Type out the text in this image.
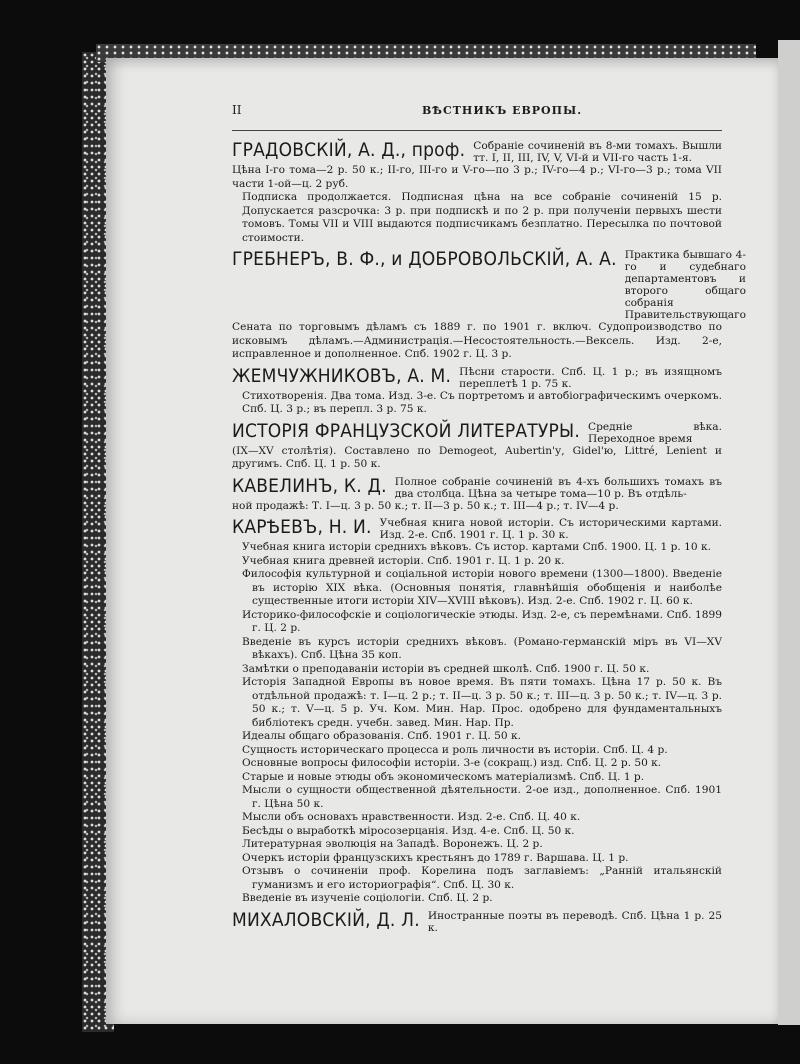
II	ВѢСТНИКЪ ЕВРОПЫ.
ГРАДОВСКІЙ, А. Д., проф. Собраніе сочиненій въ 8-ми томахъ. Вышли тт. I, II, III, IV, V, VI-й и VII-го часть 1-я.
Цѣна I-го тома—2 р. 50 к.; II-го, III-го и V-го—по 3 р.; IV-го—4 р.; VI-го—3 р.; тома VII части 1-ой—ц. 2 руб.
Подписка продолжается. Подписная цѣна на все собраніе сочиненій 15 р. Допускается разсрочка: 3 р. при подпискѣ и по 2 р. при полученіи первыхъ шести томовъ. Томы VII и VIII выдаются подписчикамъ безплатно. Пересылка по почтовой стоимости.
ГРЕБНЕРЪ, В. Ф., и ДОБРОВОЛЬСКІЙ, А. А. Практика бывшаго 4-го и судебнаго департаментовъ и второго общаго собранія Правительствующаго
Сената по торговымъ дѣламъ съ 1889 г. по 1901 г. включ. Судопроизводство по исковымъ дѣламъ.—Администрація.—Несостоятельность.—Вексель. Изд. 2-е, исправленное и дополненное. Спб. 1902 г. Ц. 3 р.
ЖЕМЧУЖНИКОВЪ, А. М. Пѣсни старости. Спб. Ц. 1 р.; въ изящномъ переплетѣ 1 р. 75 к.
Стихотворенія. Два тома. Изд. 3-е. Съ портретомъ и автобіографическимъ очеркомъ. Спб. Ц. 3 р.; въ перепл. 3 р. 75 к.
ИСТОРІЯ ФРАНЦУЗСКОЙ ЛИТЕРАТУРЫ. Средніе вѣка. Переходное время
(IX—XV столѣтія). Составлено по Demogeot, Aubertin'у, Gidel'ю, Littré, Lenient и другимъ. Спб. Ц. 1 р. 50 к.
КАВЕЛИНЪ, К. Д. Полное собраніе сочиненій въ 4-хъ большихъ томахъ въ два столбца. Цѣна за четыре тома—10 р. Въ отдѣль-
ной продажѣ: Т. I—ц. 3 р. 50 к.; т. II—3 р. 50 к.; т. III—4 р.; т. IV—4 р.
КАРѢЕВЪ, Н. И. Учебная книга новой исторіи. Съ историческими картами. Изд. 2-е. Спб. 1901 г. Ц. 1 р. 30 к.
Учебная книга исторіи среднихъ вѣковъ. Съ истор. картами Спб. 1900. Ц. 1 р. 10 к.
Учебная книга древней исторіи. Спб. 1901 г. Ц. 1 р. 20 к.
Философія культурной и соціальной исторіи нового времени (1300—1800). Введеніе въ исторію XIX вѣка. (Основныя понятія, главнѣйшія обобщенія и наиболѣе существенные итоги исторіи XIV—XVIII вѣковъ). Изд. 2-е. Спб. 1902 г. Ц. 60 к.
Историко-философскіе и соціологическіе этюды. Изд. 2-е, съ перемѣнами. Спб. 1899 г. Ц. 2 р.
Введеніе въ курсъ исторіи среднихъ вѣковъ. (Романо-германскій міръ въ VI—XV вѣкахъ). Спб. Цѣна 35 коп.
Замѣтки о преподаваніи исторіи въ средней школѣ. Спб. 1900 г. Ц. 50 к.
Исторія Западной Европы въ новое время. Въ пяти томахъ. Цѣна 17 р. 50 к. Въ отдѣльной продажѣ: т. I—ц. 2 р.; т. II—ц. 3 р. 50 к.; т. III—ц. 3 р. 50 к.; т. IV—ц. 3 р. 50 к.; т. V—ц. 5 р. Уч. Ком. Мин. Нар. Прос. одобрено для фундаментальныхъ библіотекъ средн. учебн. завед. Мин. Нар. Пр.
Идеалы общаго образованія. Спб. 1901 г. Ц. 50 к.
Сущность историческаго процесса и роль личности въ исторіи. Спб. Ц. 4 р.
Основные вопросы философіи исторіи. 3-е (сокращ.) изд. Спб. Ц. 2 р. 50 к.
Старые и новые этюды объ экономическомъ матеріализмѣ. Спб. Ц. 1 р.
Мысли о сущности общественной дѣятельности. 2-ое изд., дополненное. Спб. 1901 г. Цѣна 50 к.
Мысли объ основахъ нравственности. Изд. 2-е. Спб. Ц. 40 к.
Бесѣды о выработкѣ міросозерцанія. Изд. 4-е. Спб. Ц. 50 к.
Литературная эволюція на Западѣ. Воронежъ. Ц. 2 р.
Очеркъ исторіи французскихъ крестьянъ до 1789 г. Варшава. Ц. 1 р.
Отзывъ о сочиненіи проф. Корелина подъ заглавіемъ: „Ранній итальянскій гуманизмъ и его историографія“. Спб. Ц. 30 к.
Введеніе въ изученіе соціологіи. Спб. Ц. 2 р.
МИХАЛОВСКІЙ, Д. Л. Иностранные поэты въ переводѣ. Спб. Цѣна 1 р. 25 к.
